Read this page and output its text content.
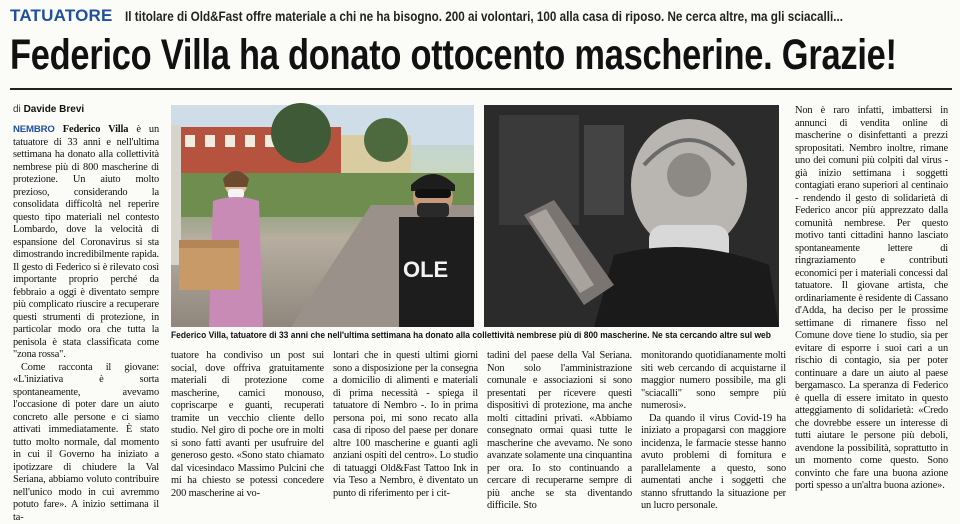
TATUATORE Il titolare di Old&Fast offre materiale a chi ne ha bisogno. 200 ai volontari, 100 alla casa di riposo. Ne cerca altre, ma gli sciacalli...
Federico Villa ha donato ottocento mascherine. Grazie!
di Davide Brevi

NEMBRO Federico Villa è un tatuatore di 33 anni e nell'ultima settimana ha donato alla collettività nembrese più di 800 mascherine di protezione. Un aiuto molto prezioso, considerando la consolidata difficoltà nel reperire questo tipo materiali nel contesto Lombardo, dove la velocità di espansione del Coronavirus si sta dimostrando incredibilmente rapida. Il gesto di Federico si è rilevato così importante proprio perché da febbraio a oggi è diventato sempre più complicato riuscire a recuperare questi strumenti di protezione, in particolar modo ora che tutta la penisola è stata classificata come "zona rossa".

Come racconta il giovane: «L'iniziativa è sorta spontaneamente, avevamo l'occasione di poter dare un aiuto concreto alle persone e ci siamo attivati immediatamente. È stato tutto molto normale, dal momento in cui il Governo ha iniziato a ipotizzare di chiudere la Val Seriana, abbiamo voluto contribuire nell'unico modo in cui avremmo potuto fare». A inizio settimana il ta-

OLE
Federico Villa, tatuatore di 33 anni che nell'ultima settimana ha donato alla collettività nembrese più di 800 mascherine. Ne sta cercando altre sul web
tuatore ha condiviso un post sui social, dove offriva gratuitamente materiali di protezione come mascherine, camici monouso, copriscarpe e guanti, recuperati tramite un vecchio cliente dello studio. Nel giro di poche ore in molti si sono fatti avanti per usufruire del generoso gesto. «Sono stato chiamato dal vicesindaco Massimo Pulcini che mi ha chiesto se potessi concedere 200 mascherine ai vo-
lontari che in questi ultimi giorni sono a disposizione per la consegna a domicilio di alimenti e materiali di prima necessità - spiega il tatuatore di Nembro -. Io in prima persona poi, mi sono recato alla casa di riposo del paese per donare altre 100 mascherine e guanti agli anziani ospiti del centro». Lo studio di tatuaggi Old&Fast Tattoo Ink in via Teso a Nembro, è diventato un punto di riferimento per i cit-
tadini del paese della Val Seriana. Non solo l'amministrazione comunale e associazioni si sono presentati per ricevere questi dispositivi di protezione, ma anche molti cittadini privati. «Abbiamo consegnato ormai quasi tutte le mascherine che avevamo. Ne sono avanzate solamente una cinquantina per ora. Io sto continuando a cercare di recuperarne sempre di più anche se sta diventando difficile. Sto

monitorando quotidianamente molti siti web cercando di acquistarne il maggior numero possibile, ma gli "sciacalli" sono sempre più numerosi».

Da quando il virus Covid-19 ha iniziato a propagarsi con maggiore incidenza, le farmacie stesse hanno avuto problemi di fornitura e parallelamente a questo, sono aumentati anche i soggetti che stanno sfruttando la situazione per un lucro personale.

Non è raro infatti, imbattersi in annunci di vendita online di mascherine o disinfettanti a prezzi spropositati. Nembro inoltre, rimane uno dei comuni più colpiti dal virus - già inizio settimana i soggetti contagiati erano superiori al centinaio - rendendo il gesto di solidarietà di Federico ancor più apprezzato dalla comunità nembrese. Per questo motivo tanti cittadini hanno lasciato spontaneamente lettere di ringraziamento e contributi economici per i materiali concessi dal tatuatore. Il giovane artista, che ordinariamente è residente di Cassano d'Adda, ha deciso per le prossime settimane di rimanere fisso nel Comune dove tiene lo studio, sia per evitare di esporre i suoi cari a un rischio di contagio, sia per poter continuare a dare un aiuto al paese bergamasco. La speranza di Federico è quella di essere imitato in questo atteggiamento di solidarietà: «Credo che dovrebbe essere un interesse di tutti aiutare le persone più deboli, avendone la possibilità, soprattutto in un momento come questo. Sono convinto che fare una buona azione porti spesso a un'altra buona azione».
